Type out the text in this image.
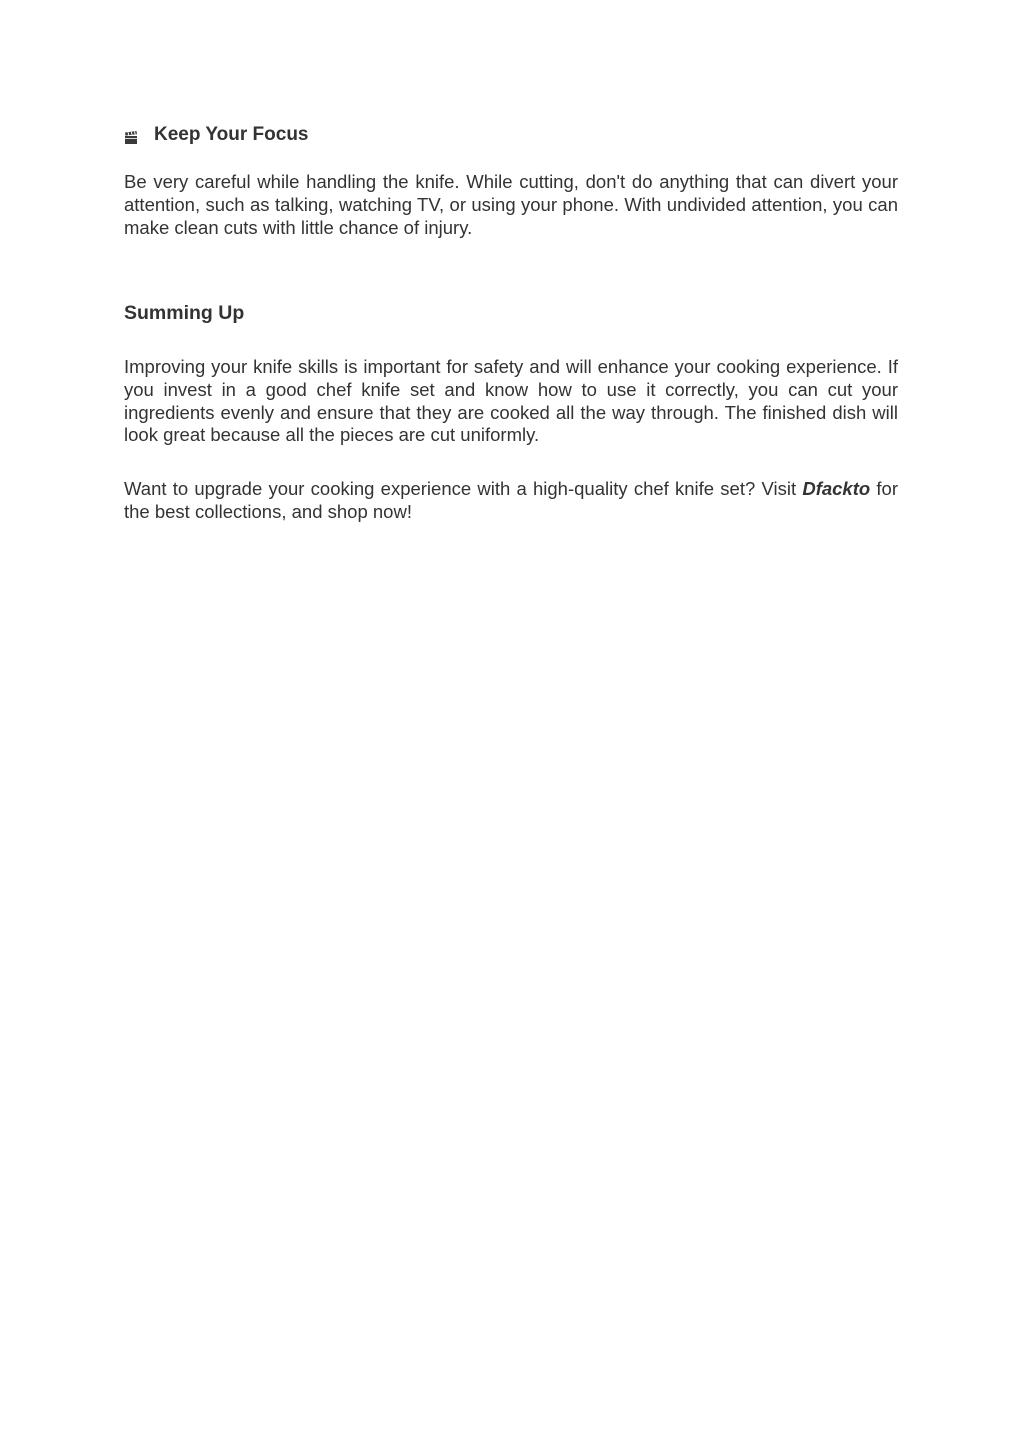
Keep Your Focus

Be very careful while handling the knife. While cutting, don't do anything that can divert your attention, such as talking, watching TV, or using your phone. With undivided attention, you can make clean cuts with little chance of injury.

Summing Up

Improving your knife skills is important for safety and will enhance your cooking experience. If you invest in a good chef knife set and know how to use it correctly, you can cut your ingredients evenly and ensure that they are cooked all the way through. The finished dish will look great because all the pieces are cut uniformly.

Want to upgrade your cooking experience with a high-quality chef knife set? Visit Dfackto for the best collections, and shop now!
